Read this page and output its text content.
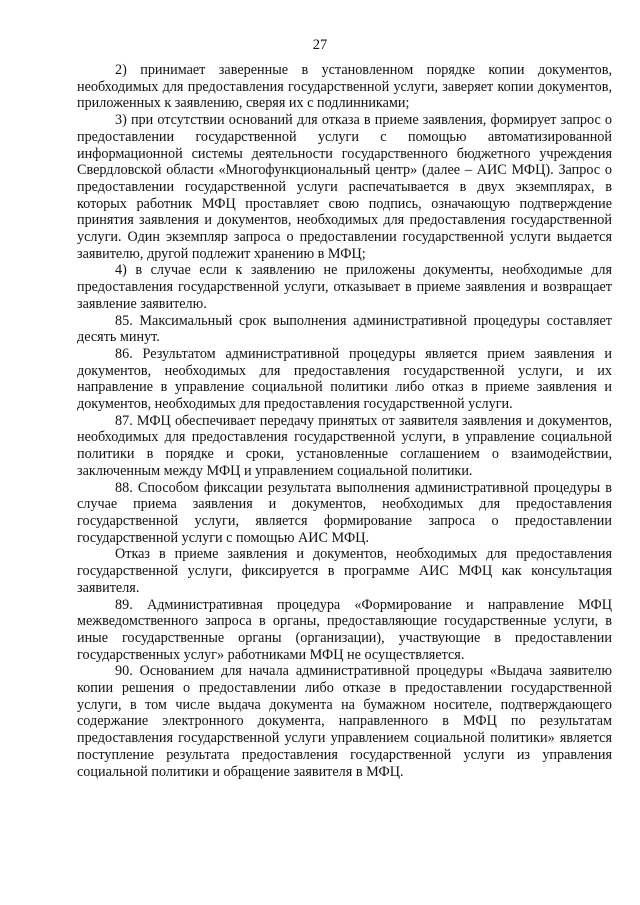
27

2) принимает заверенные в установленном порядке копии документов, необходимых для предоставления государственной услуги, заверяет копии документов, приложенных к заявлению, сверяя их с подлинниками;

3) при отсутствии оснований для отказа в приеме заявления, формирует запрос о предоставлении государственной услуги с помощью автоматизированной информационной системы деятельности государственного бюджетного учреждения Свердловской области «Многофункциональный центр» (далее – АИС МФЦ). Запрос о предоставлении государственной услуги распечатывается в двух экземплярах, в которых работник МФЦ проставляет свою подпись, означающую подтверждение принятия заявления и документов, необходимых для предоставления государственной услуги. Один экземпляр запроса о предоставлении государственной услуги выдается заявителю, другой подлежит хранению в МФЦ;

4) в случае если к заявлению не приложены документы, необходимые для предоставления государственной услуги, отказывает в приеме заявления и возвращает заявление заявителю.

85. Максимальный срок выполнения административной процедуры составляет десять минут.

86. Результатом административной процедуры является прием заявления и документов, необходимых для предоставления государственной услуги, и их направление в управление социальной политики либо отказ в приеме заявления и документов, необходимых для предоставления государственной услуги.

87. МФЦ обеспечивает передачу принятых от заявителя заявления и документов, необходимых для предоставления государственной услуги, в управление социальной политики в порядке и сроки, установленные соглашением о взаимодействии, заключенным между МФЦ и управлением социальной политики.

88. Способом фиксации результата выполнения административной процедуры в случае приема заявления и документов, необходимых для предоставления государственной услуги, является формирование запроса о предоставлении государственной услуги с помощью АИС МФЦ.

Отказ в приеме заявления и документов, необходимых для предоставления государственной услуги, фиксируется в программе АИС МФЦ как консультация заявителя.

89. Административная процедура «Формирование и направление МФЦ межведомственного запроса в органы, предоставляющие государственные услуги, в иные государственные органы (организации), участвующие в предоставлении государственных услуг» работниками МФЦ не осуществляется.

90. Основанием для начала административной процедуры «Выдача заявителю копии решения о предоставлении либо отказе в предоставлении государственной услуги, в том числе выдача документа на бумажном носителе, подтверждающего содержание электронного документа, направленного в МФЦ по результатам предоставления государственной услуги управлением социальной политики» является поступление результата предоставления государственной услуги из управления социальной политики и обращение заявителя в МФЦ.
